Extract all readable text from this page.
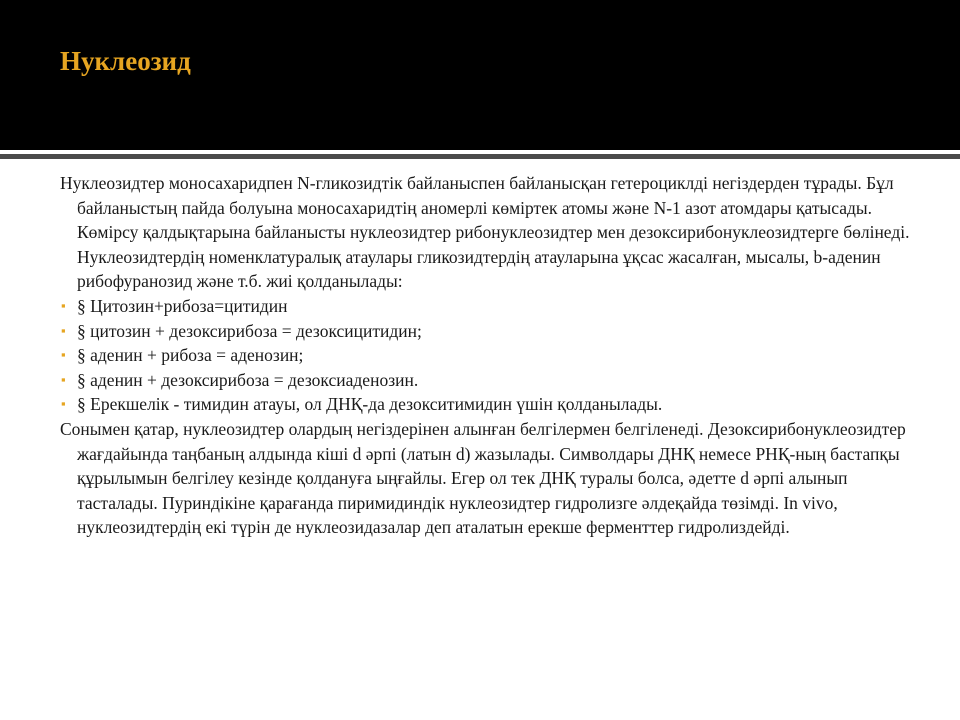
Нуклеозид

Нуклеозидтер моносахаридпен N-гликозидтік байланыспен байланысқан гетероциклді негіздерден тұрады. Бұл байланыстың пайда болуына моносахаридтің аномерлі көміртек атомы және N-1 азот атомдары қатысады. Көмірсу қалдықтарына байланысты нуклеозидтер рибонуклеозидтер мен дезоксирибонуклеозидтерге бөлінеді. Нуклеозидтердің номенклатуралық атаулары гликозидтердің атауларына ұқсас жасалған, мысалы, b-аденин рибофуранозид және т.б. жиі қолданылады:

▪ § Цитозин+рибоза=цитидин
▪ § цитозин + дезоксирибоза = дезоксицитидин;
▪ § аденин + рибоза = аденозин;
▪ § аденин + дезоксирибоза = дезоксиаденозин.
▪ § Ерекшелік - тимидин атауы, ол ДНҚ-да дезокситимидин үшін қолданылады.

Сонымен қатар, нуклеозидтер олардың негіздерінен алынған белгілермен белгіленеді. Дезоксирибонуклеозидтер жағдайында таңбаның алдында кіші d әрпі (латын d) жазылады. Символдары ДНҚ немесе РНҚ-ның бастапқы құрылымын белгілеу кезінде қолдануға ыңғайлы. Егер ол тек ДНҚ туралы болса, әдетте d әрпі алынып тасталады. Пуриндікіне қарағанда пиримидиндік нуклеозидтер гидролизге әлдеқайда төзімді. In vivo, нуклеозидтердің екі түрін де нуклеозидазалар деп аталатын ерекше ферменттер гидролиздейді.
